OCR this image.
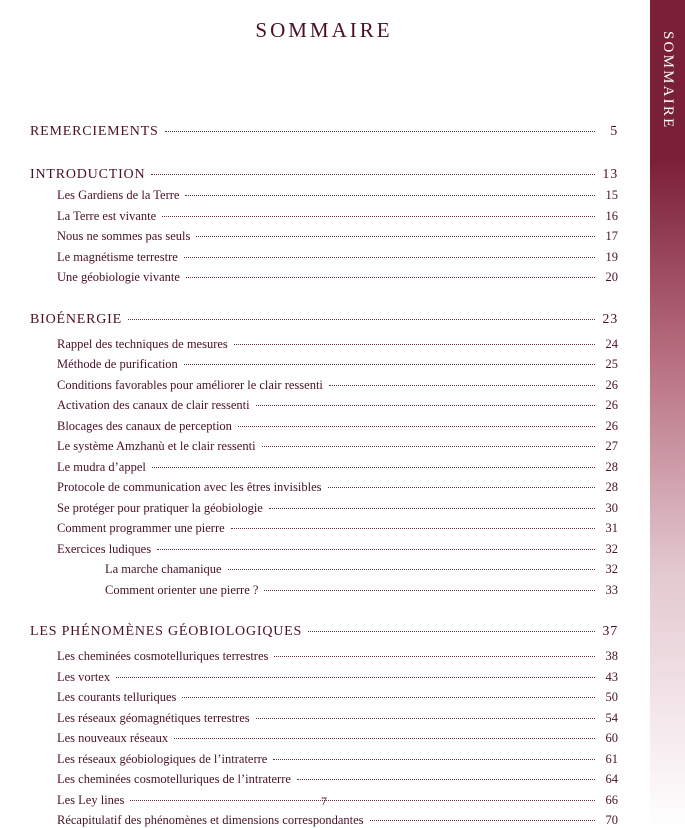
SOMMAIRE
SOMMAIRE
REMERCIEMENTS	5
INTRODUCTION	13
Les Gardiens de la Terre	15
La Terre est vivante	16
Nous ne sommes pas seuls	17
Le magnétisme terrestre	19
Une géobiologie vivante	20
BIOÉNERGIE	23
Rappel des techniques de mesures	24
Méthode de purification	25
Conditions favorables pour améliorer le clair ressenti	26
Activation des canaux de clair ressenti	26
Blocages des canaux de perception	26
Le système Amzhanù et le clair ressenti	27
Le mudra d’appel	28
Protocole de communication avec les êtres invisibles	28
Se protéger pour pratiquer la géobiologie	30
Comment programmer une pierre	31
Exercices ludiques	32
La marche chamanique	32
Comment orienter une pierre ?	33
LES PHÉNOMÈNES GÉOBIOLOGIQUES	37
Les cheminées cosmotelluriques terrestres	38
Les vortex	43
Les courants telluriques	50
Les réseaux géomagnétiques terrestres	54
Les nouveaux réseaux	60
Les réseaux géobiologiques de l’intraterre	61
Les cheminées cosmotelluriques de l’intraterre	64
Les Ley lines	66
Récapitulatif des phénomènes et dimensions correspondantes	70
7
